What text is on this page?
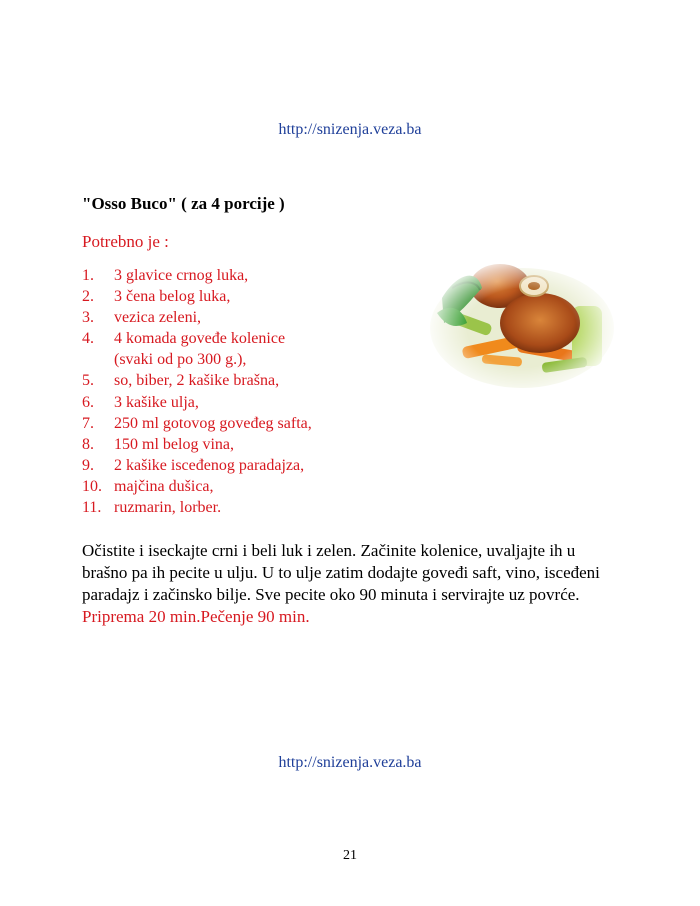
http://snizenja.veza.ba
"Osso Buco" ( za 4 porcije )
Potrebno je :
1. 3 glavice crnog luka,
2. 3 čena belog luka,
3. vezica zeleni,
4. 4 komada goveđe kolenice
(svaki od po 300 g.),
5. so, biber, 2 kašike brašna,
6. 3 kašike ulja,
7. 250 ml gotovog goveđeg safta,
8. 150 ml belog vina,
9. 2 kašike isceđenog paradajza,
10. majčina dušica,
11. ruzmarin, lorber.

Očistite i iseckajte crni i beli luk i zelen. Začinite kolenice, uvaljajte ih u brašno pa ih pecite u ulju. U to ulje zatim dodajte goveđi saft, vino, isceđeni paradajz i začinsko bilje. Sve pecite oko 90 minuta i servirajte uz povrće. Priprema 20 min.Pečenje 90 min.

http://snizenja.veza.ba
21
